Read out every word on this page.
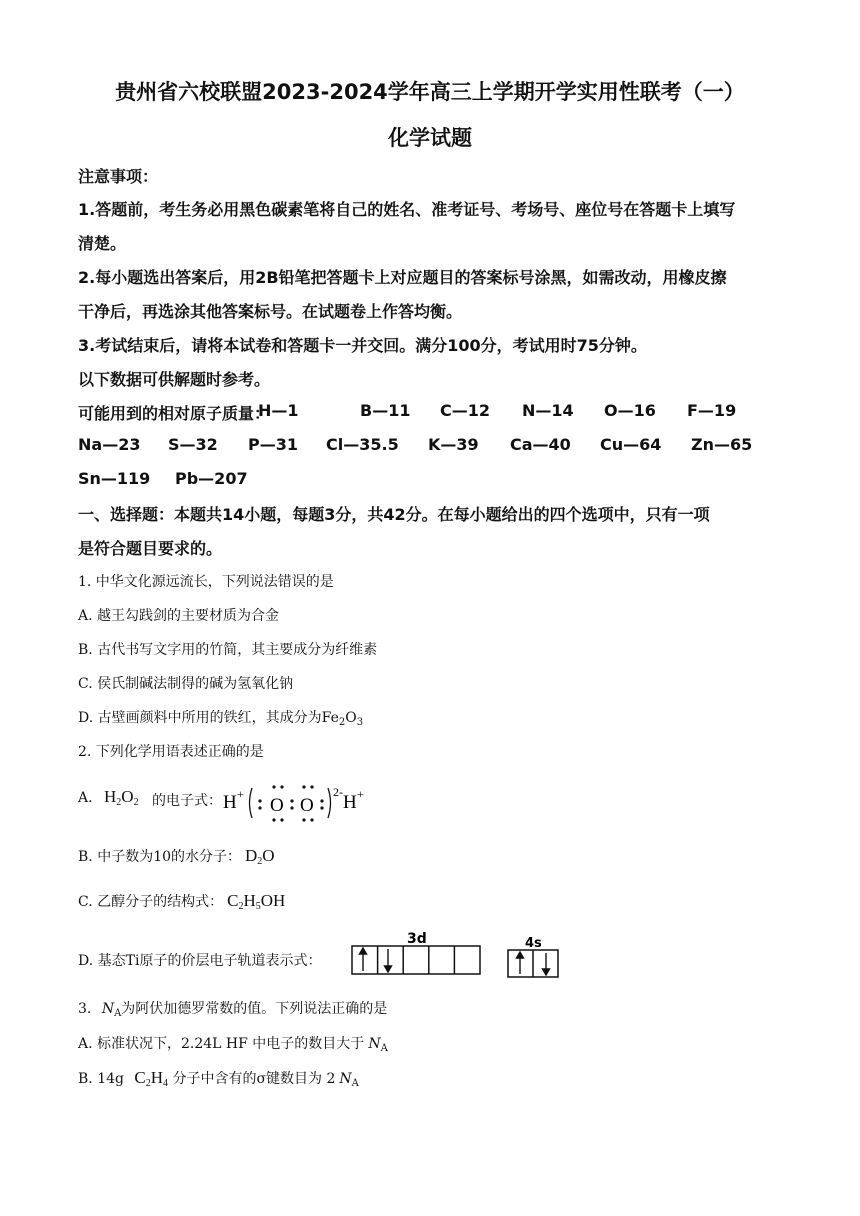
贵州省六校联盟2023-2024学年高三上学期开学实用性联考（一）
化学试题
注意事项：
1.答题前，考生务必用黑色碳素笔将自己的姓名、准考证号、考场号、座位号在答题卡上填写
清楚。
2.每小题选出答案后，用2B铅笔把答题卡上对应题目的答案标号涂黑，如需改动，用橡皮擦
干净后，再选涂其他答案标号。在试题卷上作答均衡。
3.考试结束后，请将本试卷和答题卡一并交回。满分100分，考试用时75分钟。
以下数据可供解题时参考。
可能用到的相对原子质量：
H—1	B—11 C—12 N—14 O—16 F—19
Na—23 S—32 P—31 Cl—35.5 K—39 Ca—40 Cu—64 Zn—65
Sn—119 Pb—207
一、选择题：本题共14小题，每题3分，共42分。在每小题给出的四个选项中，只有一项
是符合题目要求的。
1. 中华文化源远流长，下列说法错误的是
A. 越王勾践剑的主要材质为合金
B. 古代书写文字用的竹简，其主要成分为纤维素
C. 侯氏制碱法制得的碱为氢氧化钠
D. 古壁画颜料中所用的铁红，其成分为$Fe_2O_3$
2. 下列化学用语表述正确的是
A. $H_2O_2$ 的电子式： H +
O O
2- H +
B. 中子数为10的水分子： $D_2O$
C. 乙醇分子的结构式： $C_2H_5OH$
D. 基态Ti原子的价层电子轨道表示式：
3d	4s
3. $N_A$为阿伏加德罗常数的值。下列说法正确的是
A. 标准状况下，2.24L HF 中电子的数目大于 $N_A$
B. 14g $C_2H_4$ 分子中含有的σ键数目为 2 $N_A$
